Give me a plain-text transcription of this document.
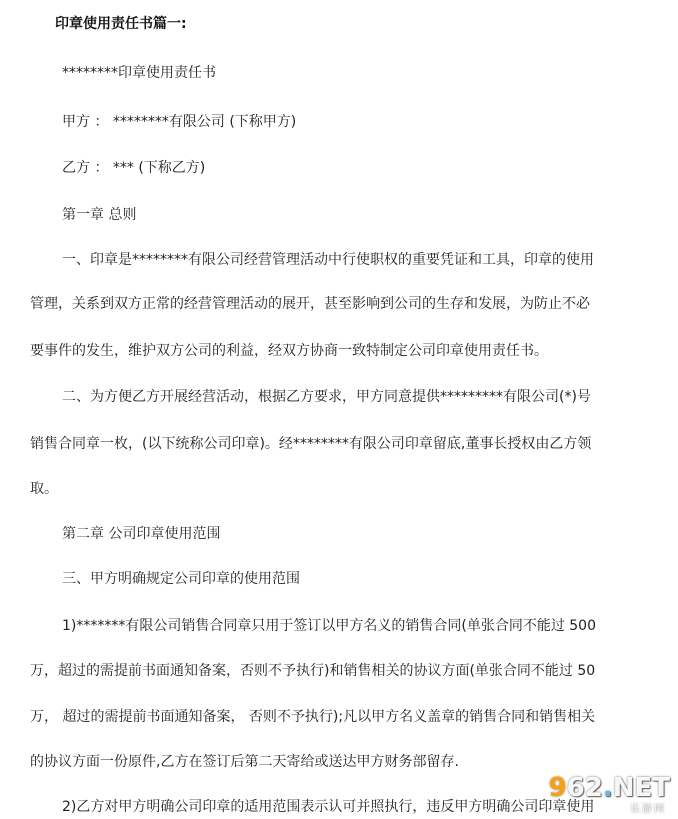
印章使用责任书篇一:
********印章使用责任书
甲方 ： ********有限公司 (下称甲方)
乙方 ： *** (下称乙方)
第一章 总则
一、印章是********有限公司经营管理活动中行使职权的重要凭证和工具，印章的使用
管理，关系到双方正常的经营管理活动的展开，甚至影响到公司的生存和发展，为防止不必
要事件的发生，维护双方公司的利益，经双方协商一致特制定公司印章使用责任书。
二、为方便乙方开展经营活动，根据乙方要求，甲方同意提供*********有限公司(*)号
销售合同章一枚，(以下统称公司印章)。经********有限公司印章留底,董事长授权由乙方领
取。
第二章 公司印章使用范围
三、甲方明确规定公司印章的使用范围
1)*******有限公司销售合同章只用于签订以甲方名义的销售合同(单张合同不能过 500
万，超过的需提前书面通知备案，否则不予执行)和销售相关的协议方面(单张合同不能过 50
万， 超过的需提前书面通知备案， 否则不予执行);凡以甲方名义盖章的销售合同和销售相关
的协议方面一份原件,乙方在签订后第二天寄给或送达甲方财务部留存.
2)乙方对甲方明确公司印章的适用范围表示认可并照执行，违反甲方明确公司印章使用
962.NET
乐游网
